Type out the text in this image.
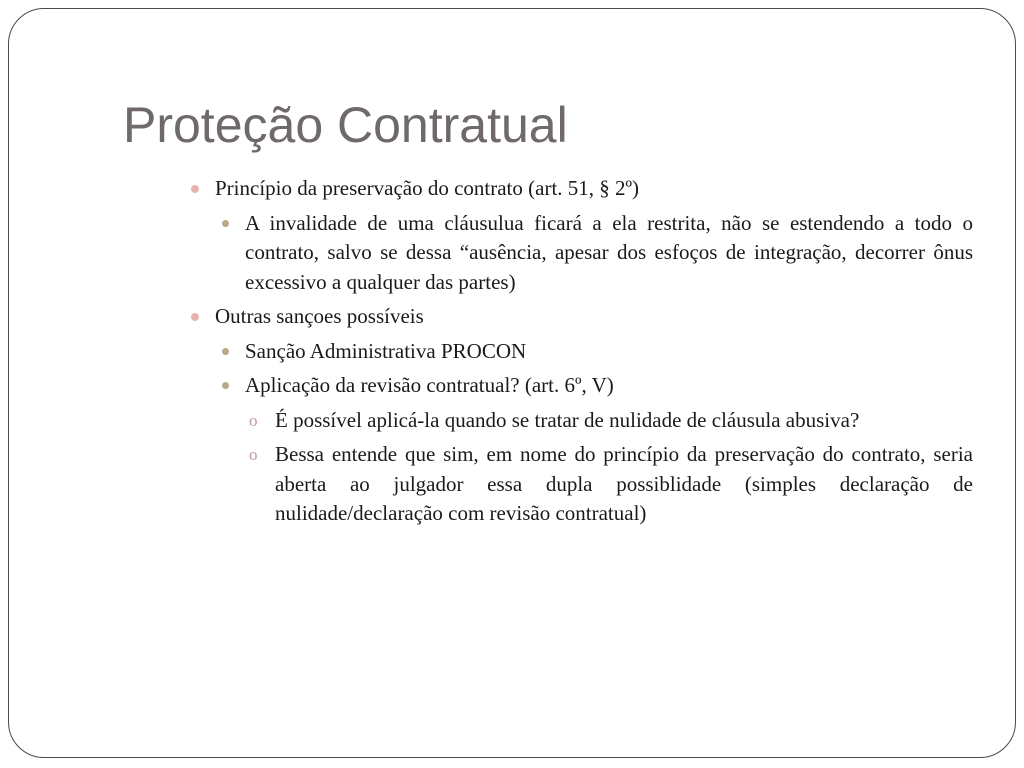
Proteção Contratual
Princípio da preservação do contrato (art. 51, § 2º)
A invalidade de uma cláusulua ficará a ela restrita, não se estendendo a todo o contrato, salvo se dessa “ausência, apesar dos esfoços de integração, decorrer ônus excessivo a qualquer das partes)
Outras sançoes possíveis
Sanção Administrativa PROCON
Aplicação da revisão contratual? (art. 6º, V)
o É possível aplicá-la quando se tratar de nulidade de cláusula abusiva?
o Bessa entende que sim, em nome do princípio da preservação do contrato, seria aberta ao julgador essa dupla possiblidade (simples declaração de nulidade/declaração com revisão contratual)
